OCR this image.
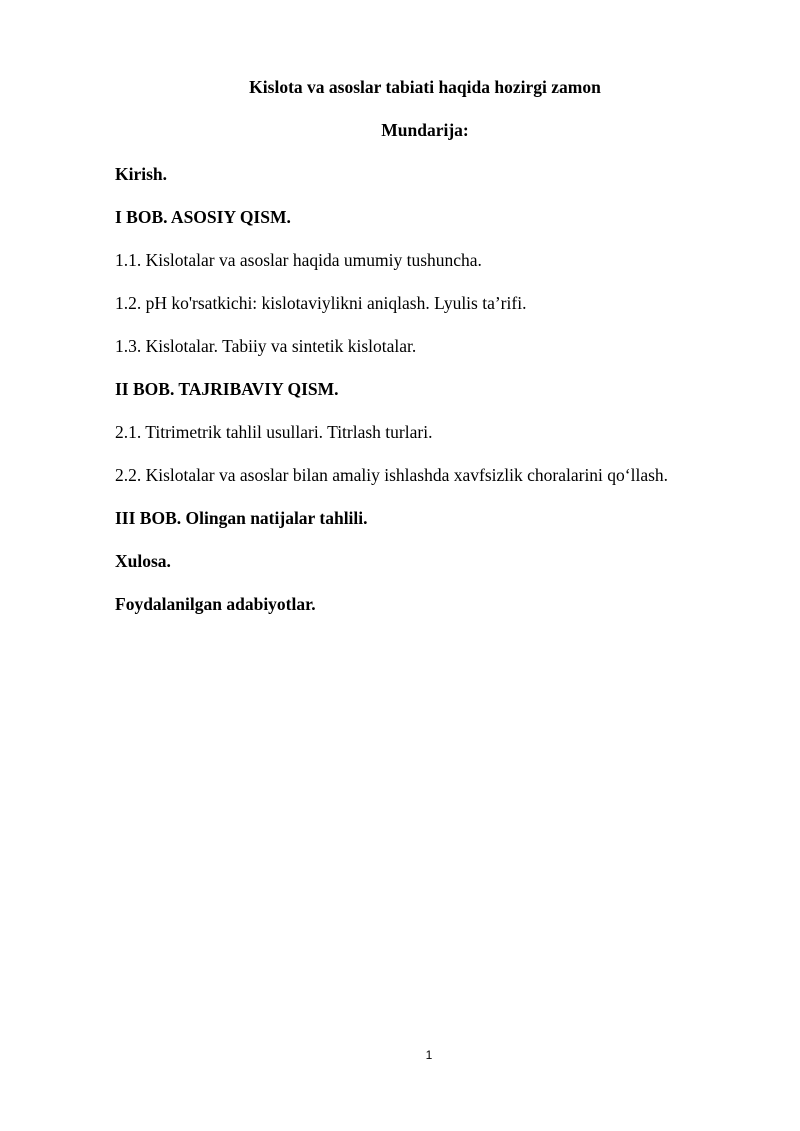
Kislota va asoslar tabiati haqida hozirgi zamon
Mundarija:
Kirish.
I BOB. ASOSIY QISM.
1.1. Kislotalar va asoslar haqida umumiy tushuncha.
1.2. pH ko'rsatkichi: kislotaviylikni aniqlash. Lyulis ta’rifi.
1.3. Kislotalar. Tabiiy va sintetik kislotalar.
II BOB. TAJRIBAVIY QISM.
2.1. Titrimetrik tahlil usullari. Titrlash turlari.
2.2. Kislotalar va asoslar bilan amaliy ishlashda xavfsizlik choralarini qo‘llash.
III BOB. Olingan natijalar tahlili.
Xulosa.
Foydalanilgan adabiyotlar.
1
